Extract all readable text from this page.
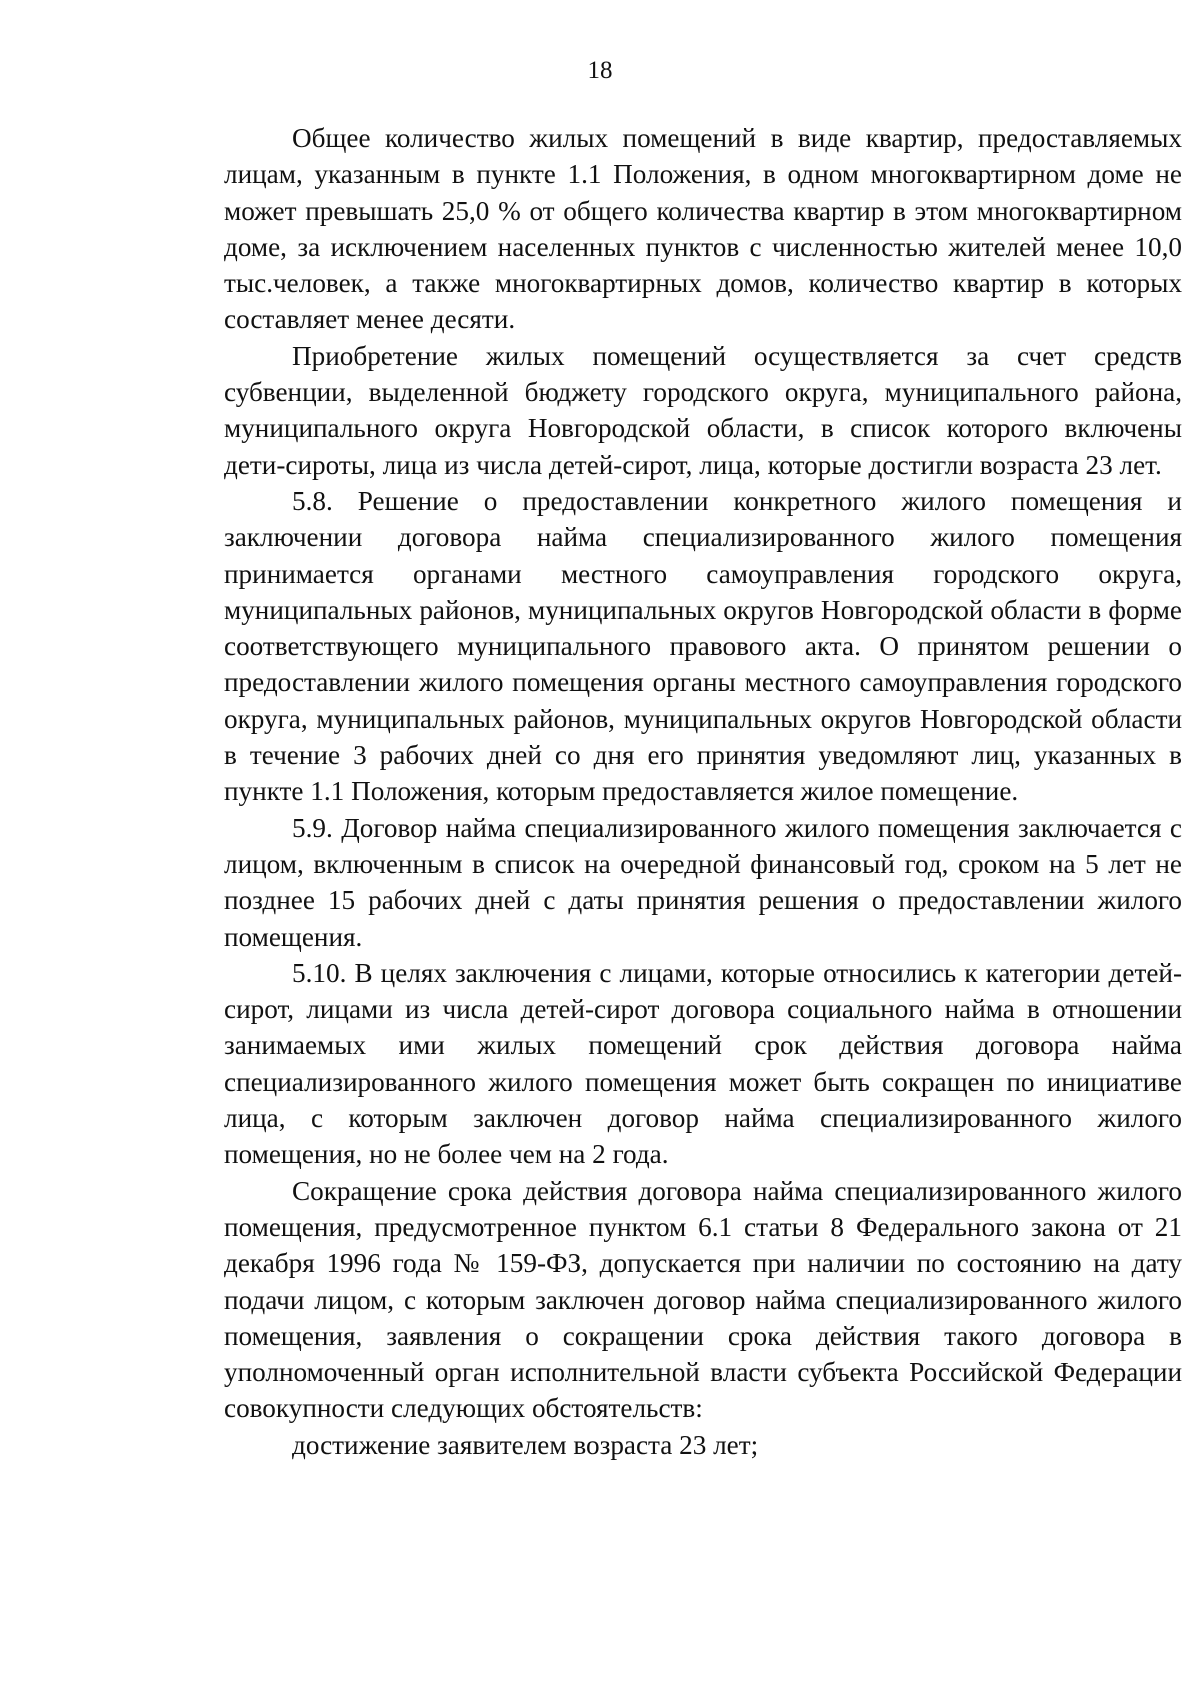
18

Общее количество жилых помещений в виде квартир, предоставляемых лицам, указанным в пункте 1.1 Положения, в одном многоквартирном доме не может превышать 25,0 % от общего количества квартир в этом многоквартирном доме, за исключением населенных пунктов с численностью жителей менее 10,0 тыс.человек, а также многоквартирных домов, количество квартир в которых составляет менее десяти.

Приобретение жилых помещений осуществляется за счет средств субвенции, выделенной бюджету городского округа, муниципального района, муниципального округа Новгородской области, в список которого включены дети-сироты, лица из числа детей-сирот, лица, которые достигли возраста 23 лет.

5.8. Решение о предоставлении конкретного жилого помещения и заключении договора найма специализированного жилого помещения принимается органами местного самоуправления городского округа, муниципальных районов, муниципальных округов Новгородской области в форме соответствующего муниципального правового акта. О принятом решении о предоставлении жилого помещения органы местного самоуправления городского округа, муниципальных районов, муниципальных округов Новгородской области в течение 3 рабочих дней со дня его принятия уведомляют лиц, указанных в пункте 1.1 Положения, которым предоставляется жилое помещение.

5.9. Договор найма специализированного жилого помещения заключается с лицом, включенным в список на очередной финансовый год, сроком на 5 лет не позднее 15 рабочих дней с даты принятия решения о предоставлении жилого помещения.

5.10. В целях заключения с лицами, которые относились к категории детей-сирот, лицами из числа детей-сирот договора социального найма в отношении занимаемых ими жилых помещений срок действия договора найма специализированного жилого помещения может быть сокращен по инициативе лица, с которым заключен договор найма специализированного жилого помещения, но не более чем на 2 года.

Сокращение срока действия договора найма специализированного жилого помещения, предусмотренное пунктом 6.1 статьи 8 Федерального закона от 21 декабря 1996 года № 159-ФЗ, допускается при наличии по состоянию на дату подачи лицом, с которым заключен договор найма специализированного жилого помещения, заявления о сокращении срока действия такого договора в уполномоченный орган исполнительной власти субъекта Российской Федерации совокупности следующих обстоятельств:

достижение заявителем возраста 23 лет;
